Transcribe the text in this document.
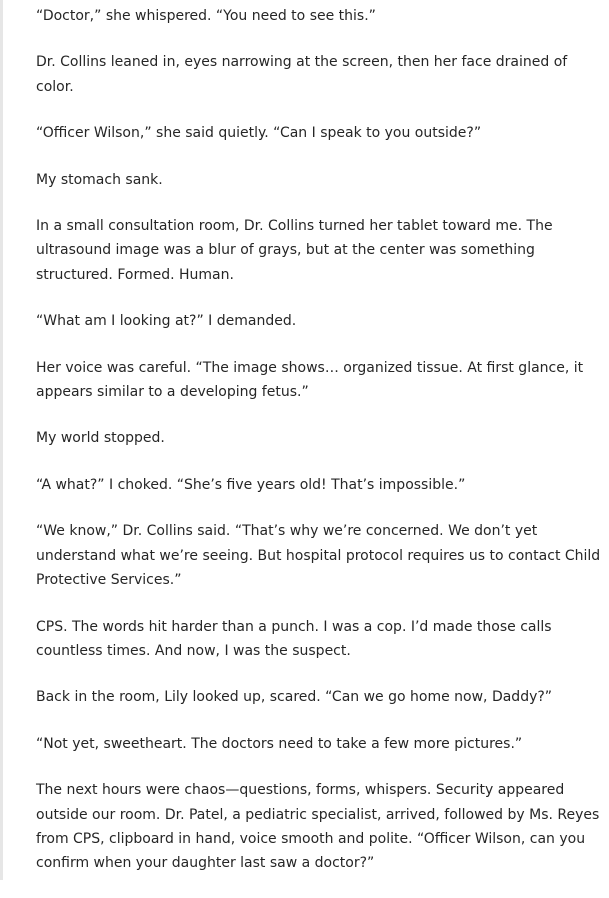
“Doctor,” she whispered. “You need to see this.”

Dr. Collins leaned in, eyes narrowing at the screen, then her face drained of
color.

“Officer Wilson,” she said quietly. “Can I speak to you outside?”

My stomach sank.

In a small consultation room, Dr. Collins turned her tablet toward me. The
ultrasound image was a blur of grays, but at the center was something
structured. Formed. Human.

“What am I looking at?” I demanded.

Her voice was careful. “The image shows… organized tissue. At first glance, it
appears similar to a developing fetus.”

My world stopped.

“A what?” I choked. “She’s five years old! That’s impossible.”

“We know,” Dr. Collins said. “That’s why we’re concerned. We don’t yet
understand what we’re seeing. But hospital protocol requires us to contact Child
Protective Services.”

CPS. The words hit harder than a punch. I was a cop. I’d made those calls
countless times. And now, I was the suspect.

Back in the room, Lily looked up, scared. “Can we go home now, Daddy?”

“Not yet, sweetheart. The doctors need to take a few more pictures.”

The next hours were chaos—questions, forms, whispers. Security appeared
outside our room. Dr. Patel, a pediatric specialist, arrived, followed by Ms. Reyes
from CPS, clipboard in hand, voice smooth and polite. “Officer Wilson, can you
confirm when your daughter last saw a doctor?”
